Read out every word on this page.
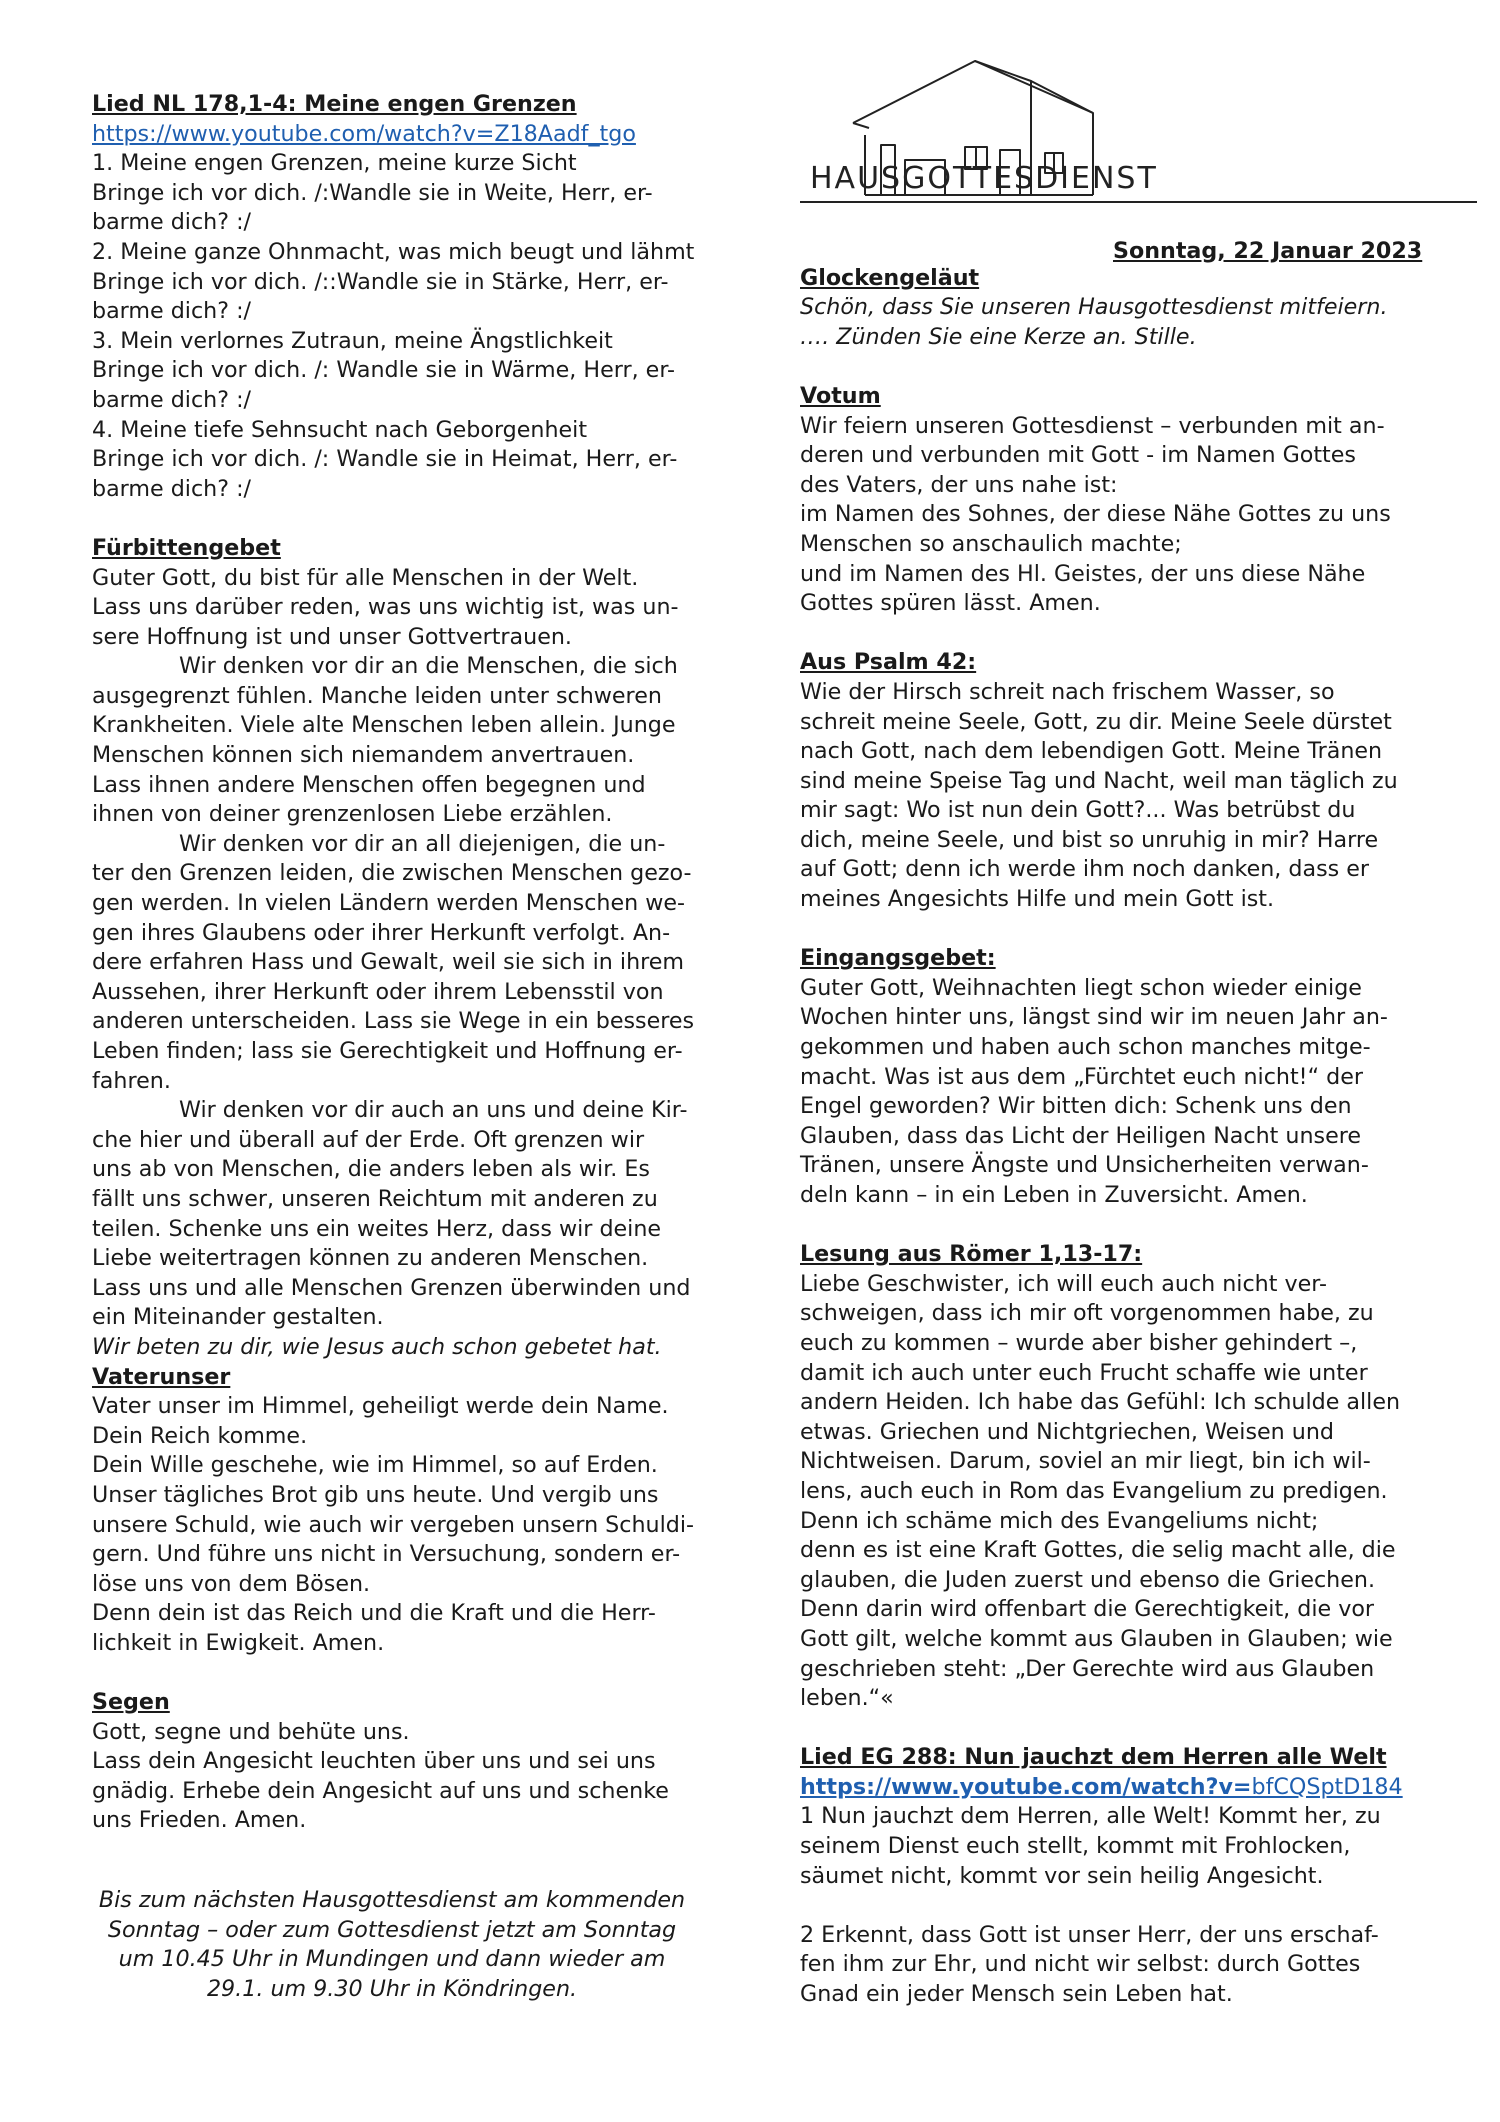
HAUSGOTTESDIENST
Sonntag, 22 Januar 2023
Lied NL 178,1-4: Meine engen Grenzen
https://www.youtube.com/watch?v=Z18Aadf_tgo
1. Meine engen Grenzen, meine kurze Sicht
Bringe ich vor dich. /:Wandle sie in Weite, Herr, er-
barme dich? :/
2. Meine ganze Ohnmacht, was mich beugt und lähmt
Bringe ich vor dich. /::Wandle sie in Stärke, Herr, er-
barme dich? :/
3. Mein verlornes Zutraun, meine Ängstlichkeit
Bringe ich vor dich. /: Wandle sie in Wärme, Herr, er-
barme dich? :/
4. Meine tiefe Sehnsucht nach Geborgenheit
Bringe ich vor dich. /: Wandle sie in Heimat, Herr, er-
barme dich? :/
Fürbittengebet
Guter Gott, du bist für alle Menschen in der Welt.
Lass uns darüber reden, was uns wichtig ist, was un-
sere Hoffnung ist und unser Gottvertrauen.
Wir denken vor dir an die Menschen, die sich
ausgegrenzt fühlen. Manche leiden unter schweren
Krankheiten. Viele alte Menschen leben allein. Junge
Menschen können sich niemandem anvertrauen.
Lass ihnen andere Menschen offen begegnen und
ihnen von deiner grenzenlosen Liebe erzählen.
Wir denken vor dir an all diejenigen, die un-
ter den Grenzen leiden, die zwischen Menschen gezo-
gen werden. In vielen Ländern werden Menschen we-
gen ihres Glaubens oder ihrer Herkunft verfolgt. An-
dere erfahren Hass und Gewalt, weil sie sich in ihrem
Aussehen, ihrer Herkunft oder ihrem Lebensstil von
anderen unterscheiden. Lass sie Wege in ein besseres
Leben finden; lass sie Gerechtigkeit und Hoffnung er-
fahren.
Wir denken vor dir auch an uns und deine Kir-
che hier und überall auf der Erde. Oft grenzen wir
uns ab von Menschen, die anders leben als wir. Es
fällt uns schwer, unseren Reichtum mit anderen zu
teilen. Schenke uns ein weites Herz, dass wir deine
Liebe weitertragen können zu anderen Menschen.
Lass uns und alle Menschen Grenzen überwinden und
ein Miteinander gestalten.
Wir beten zu dir, wie Jesus auch schon gebetet hat.
Vaterunser
Vater unser im Himmel, geheiligt werde dein Name.
Dein Reich komme.
Dein Wille geschehe, wie im Himmel, so auf Erden.
Unser tägliches Brot gib uns heute. Und vergib uns
unsere Schuld, wie auch wir vergeben unsern Schuldi-
gern. Und führe uns nicht in Versuchung, sondern er-
löse uns von dem Bösen.
Denn dein ist das Reich und die Kraft und die Herr-
lichkeit in Ewigkeit. Amen.
Segen
Gott, segne und behüte uns.
Lass dein Angesicht leuchten über uns und sei uns
gnädig. Erhebe dein Angesicht auf uns und schenke
uns Frieden. Amen.
Bis zum nächsten Hausgottesdienst am kommenden
Sonntag – oder zum Gottesdienst jetzt am Sonntag
um 10.45 Uhr in Mundingen und dann wieder am
29.1. um 9.30 Uhr in Köndringen.
Glockengeläut
Schön, dass Sie unseren Hausgottesdienst mitfeiern.
…. Zünden Sie eine Kerze an. Stille.
Votum
Wir feiern unseren Gottesdienst – verbunden mit an-
deren und verbunden mit Gott - im Namen Gottes
des Vaters, der uns nahe ist:
im Namen des Sohnes, der diese Nähe Gottes zu uns
Menschen so anschaulich machte;
und im Namen des Hl. Geistes, der uns diese Nähe
Gottes spüren lässt. Amen.
Aus Psalm 42:
Wie der Hirsch schreit nach frischem Wasser, so
schreit meine Seele, Gott, zu dir. Meine Seele dürstet
nach Gott, nach dem lebendigen Gott. Meine Tränen
sind meine Speise Tag und Nacht, weil man täglich zu
mir sagt: Wo ist nun dein Gott?... Was betrübst du
dich, meine Seele, und bist so unruhig in mir? Harre
auf Gott; denn ich werde ihm noch danken, dass er
meines Angesichts Hilfe und mein Gott ist.
Eingangsgebet:
Guter Gott, Weihnachten liegt schon wieder einige
Wochen hinter uns, längst sind wir im neuen Jahr an-
gekommen und haben auch schon manches mitge-
macht. Was ist aus dem „Fürchtet euch nicht!“ der
Engel geworden? Wir bitten dich: Schenk uns den
Glauben, dass das Licht der Heiligen Nacht unsere
Tränen, unsere Ängste und Unsicherheiten verwan-
deln kann – in ein Leben in Zuversicht. Amen.
Lesung aus Römer 1,13-17:
Liebe Geschwister, ich will euch auch nicht ver-
schweigen, dass ich mir oft vorgenommen habe, zu
euch zu kommen – wurde aber bisher gehindert –,
damit ich auch unter euch Frucht schaffe wie unter
andern Heiden. Ich habe das Gefühl: Ich schulde allen
etwas. Griechen und Nichtgriechen, Weisen und
Nichtweisen. Darum, soviel an mir liegt, bin ich wil-
lens, auch euch in Rom das Evangelium zu predigen.
Denn ich schäme mich des Evangeliums nicht;
denn es ist eine Kraft Gottes, die selig macht alle, die
glauben, die Juden zuerst und ebenso die Griechen.
Denn darin wird offenbart die Gerechtigkeit, die vor
Gott gilt, welche kommt aus Glauben in Glauben; wie
geschrieben steht: „Der Gerechte wird aus Glauben
leben.“«
Lied EG 288: Nun jauchzt dem Herren alle Welt
https://www.youtube.com/watch?v=bfCQSptD184
1 Nun jauchzt dem Herren, alle Welt! Kommt her, zu
seinem Dienst euch stellt, kommt mit Frohlocken,
säumet nicht, kommt vor sein heilig Angesicht.
2 Erkennt, dass Gott ist unser Herr, der uns erschaf-
fen ihm zur Ehr, und nicht wir selbst: durch Gottes
Gnad ein jeder Mensch sein Leben hat.
